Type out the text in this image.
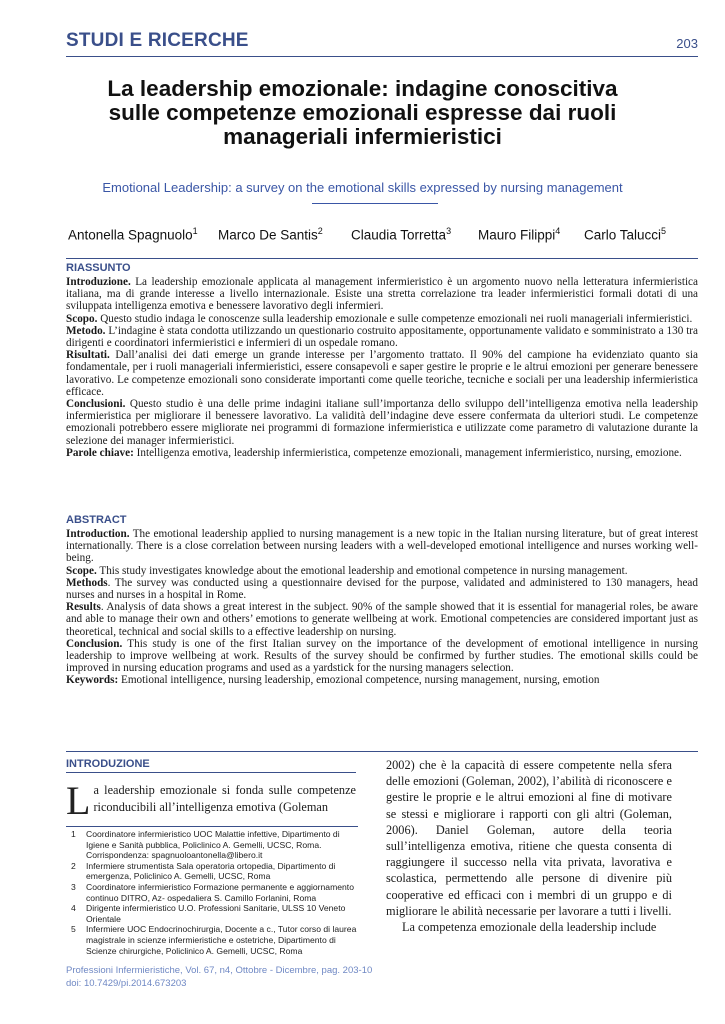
STUDI E RICERCHE	203
La leadership emozionale: indagine conoscitiva
sulle competenze emozionali espresse dai ruoli
manageriali infermieristici
Emotional Leadership: a survey on the emotional skills expressed by nursing management
Antonella Spagnuolo$^1$ Marco De Santis$^2$ Claudia Torretta$^3$ Mauro Filippi$^4$ Carlo Talucci$^5$
RIASSUNTO

Introduzione. La leadership emozionale applicata al management infermieristico è un argomento nuovo nella letteratura infermieristica italiana, ma di grande interesse a livello internazionale. Esiste una stretta correlazione tra leader infermieristici formali dotati di una sviluppata intelligenza emotiva e benessere lavorativo degli infermieri.

Scopo. Questo studio indaga le conoscenze sulla leadership emozionale e sulle competenze emozionali nei ruoli manageriali infermieristici.

Metodo. L’indagine è stata condotta utilizzando un questionario costruito appositamente, opportunamente validato e somministrato a 130 tra dirigenti e coordinatori infermieristici e infermieri di un ospedale romano.

Risultati. Dall’analisi dei dati emerge un grande interesse per l’argomento trattato. Il 90% del campione ha evidenziato quanto sia fondamentale, per i ruoli manageriali infermieristici, essere consapevoli e saper gestire le proprie e le altrui emozioni per generare benessere lavorativo. Le competenze emozionali sono considerate importanti come quelle teoriche, tecniche e sociali per una leadership infermieristica efficace.

Conclusioni. Questo studio è una delle prime indagini italiane sull’importanza dello sviluppo dell’intelligenza emotiva nella leadership infermieristica per migliorare il benessere lavorativo. La validità dell’indagine deve essere confermata da ulteriori studi. Le competenze emozionali potrebbero essere migliorate nei programmi di formazione infermieristica e utilizzate come parametro di valutazione durante la selezione dei manager infermieristici.

Parole chiave: Intelligenza emotiva, leadership infermieristica, competenze emozionali, management infermieristico, nursing, emozione.

ABSTRACT

Introduction. The emotional leadership applied to nursing management is a new topic in the Italian nursing literature, but of great interest internationally. There is a close correlation between nursing leaders with a well-developed emotional intelligence and nurses working well-being.

Scope. This study investigates knowledge about the emotional leadership and emotional competence in nursing management.

Methods. The survey was conducted using a questionnaire devised for the purpose, validated and administered to 130 managers, head nurses and nurses in a hospital in Rome.

Results. Analysis of data shows a great interest in the subject. 90% of the sample showed that it is essential for managerial roles, be aware and able to manage their own and others’ emotions to generate wellbeing at work. Emotional competencies are considered important just as theoretical, technical and social skills to a effective leadership on nursing.

Conclusion. This study is one of the first Italian survey on the importance of the development of emotional intelligence in nursing leadership to improve wellbeing at work. Results of the survey should be confirmed by further studies. The emotional skills could be improved in nursing education programs and used as a yardstick for the nursing managers selection.

Keywords: Emotional intelligence, nursing leadership, emozional competence, nursing management, nursing, emotion

INTRODUZIONE
La leadership emozionale si fonda sulle competenze riconducibili all’intelligenza emotiva (Goleman
1 Coordinatore infermieristico UOC Malattie infettive, Dipartimento di Igiene e Sanità pubblica, Policlinico A. Gemelli, UCSC, Roma. Corrispondenza: spagnuoloantonella@libero.it
2 Infermiere strumentista Sala operatoria ortopedia, Dipartimento di emergenza, Policlinico A. Gemelli, UCSC, Roma
3 Coordinatore infermieristico Formazione permanente e aggiornamento continuo DITRO, Az- ospedaliera S. Camillo Forlanini, Roma
4 Dirigente infermieristico U.O. Professioni Sanitarie, ULSS 10 Veneto Orientale
5 Infermiere UOC Endocrinochirurgia, Docente a c., Tutor corso di laurea magistrale in scienze infermieristiche e ostetriche, Dipartimento di Scienze chirurgiche, Policlinico A. Gemelli, UCSC, Roma

2002) che è la capacità di essere competente nella sfera delle emozioni (Goleman, 2002), l’abilità di riconoscere e gestire le proprie e le altrui emozioni al fine di motivare se stessi e migliorare i rapporti con gli altri (Goleman, 2006). Daniel Goleman, autore della teoria sull’intelligenza emotiva, ritiene che questa consenta di raggiungere il successo nella vita privata, lavorativa e scolastica, permettendo alle persone di divenire più cooperative ed efficaci con i membri di un gruppo e di migliorare le abilità necessarie per lavorare a tutti i livelli.

La competenza emozionale della leadership include

Professioni Infermieristiche, Vol. 67, n4, Ottobre - Dicembre, pag. 203-10
doi: 10.7429/pi.2014.673203
